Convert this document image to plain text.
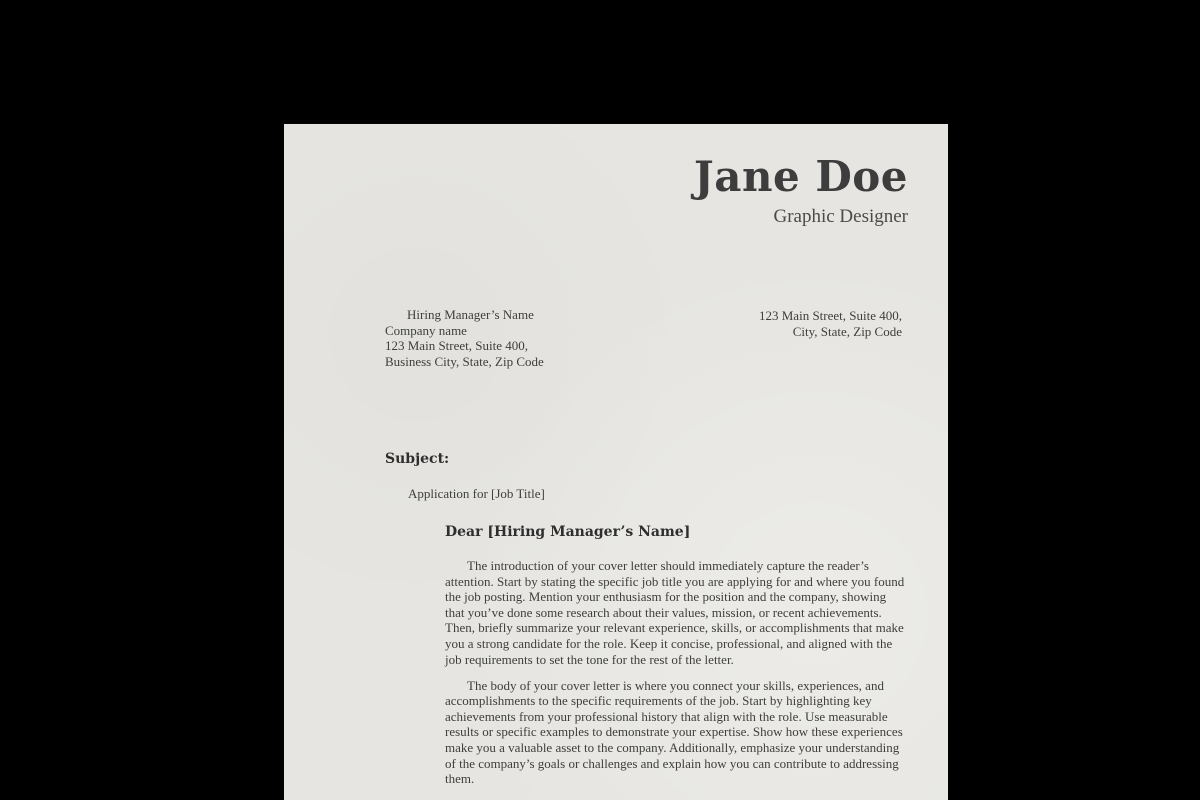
Jane Doe
Graphic Designer
Hiring Manager’s Name
Company name
123 Main Street, Suite 400,
Business City, State, Zip Code
123 Main Street, Suite 400,
City, State, Zip Code
Subject:
Application for [Job Title]
Dear [Hiring Manager’s Name]

The introduction of your cover letter should immediately capture the reader’s attention. Start by stating the specific job title you are applying for and where you found the job posting. Mention your enthusiasm for the position and the company, showing that you’ve done some research about their values, mission, or recent achievements. Then, briefly summarize your relevant experience, skills, or accomplishments that make you a strong candidate for the role. Keep it concise, professional, and aligned with the job requirements to set the tone for the rest of the letter.

The body of your cover letter is where you connect your skills, experiences, and accomplishments to the specific requirements of the job. Start by highlighting key achievements from your professional history that align with the role. Use measurable results or specific examples to demonstrate your expertise. Show how these experiences make you a valuable asset to the company. Additionally, emphasize your understanding of the company’s goals or challenges and explain how you can contribute to addressing them.
